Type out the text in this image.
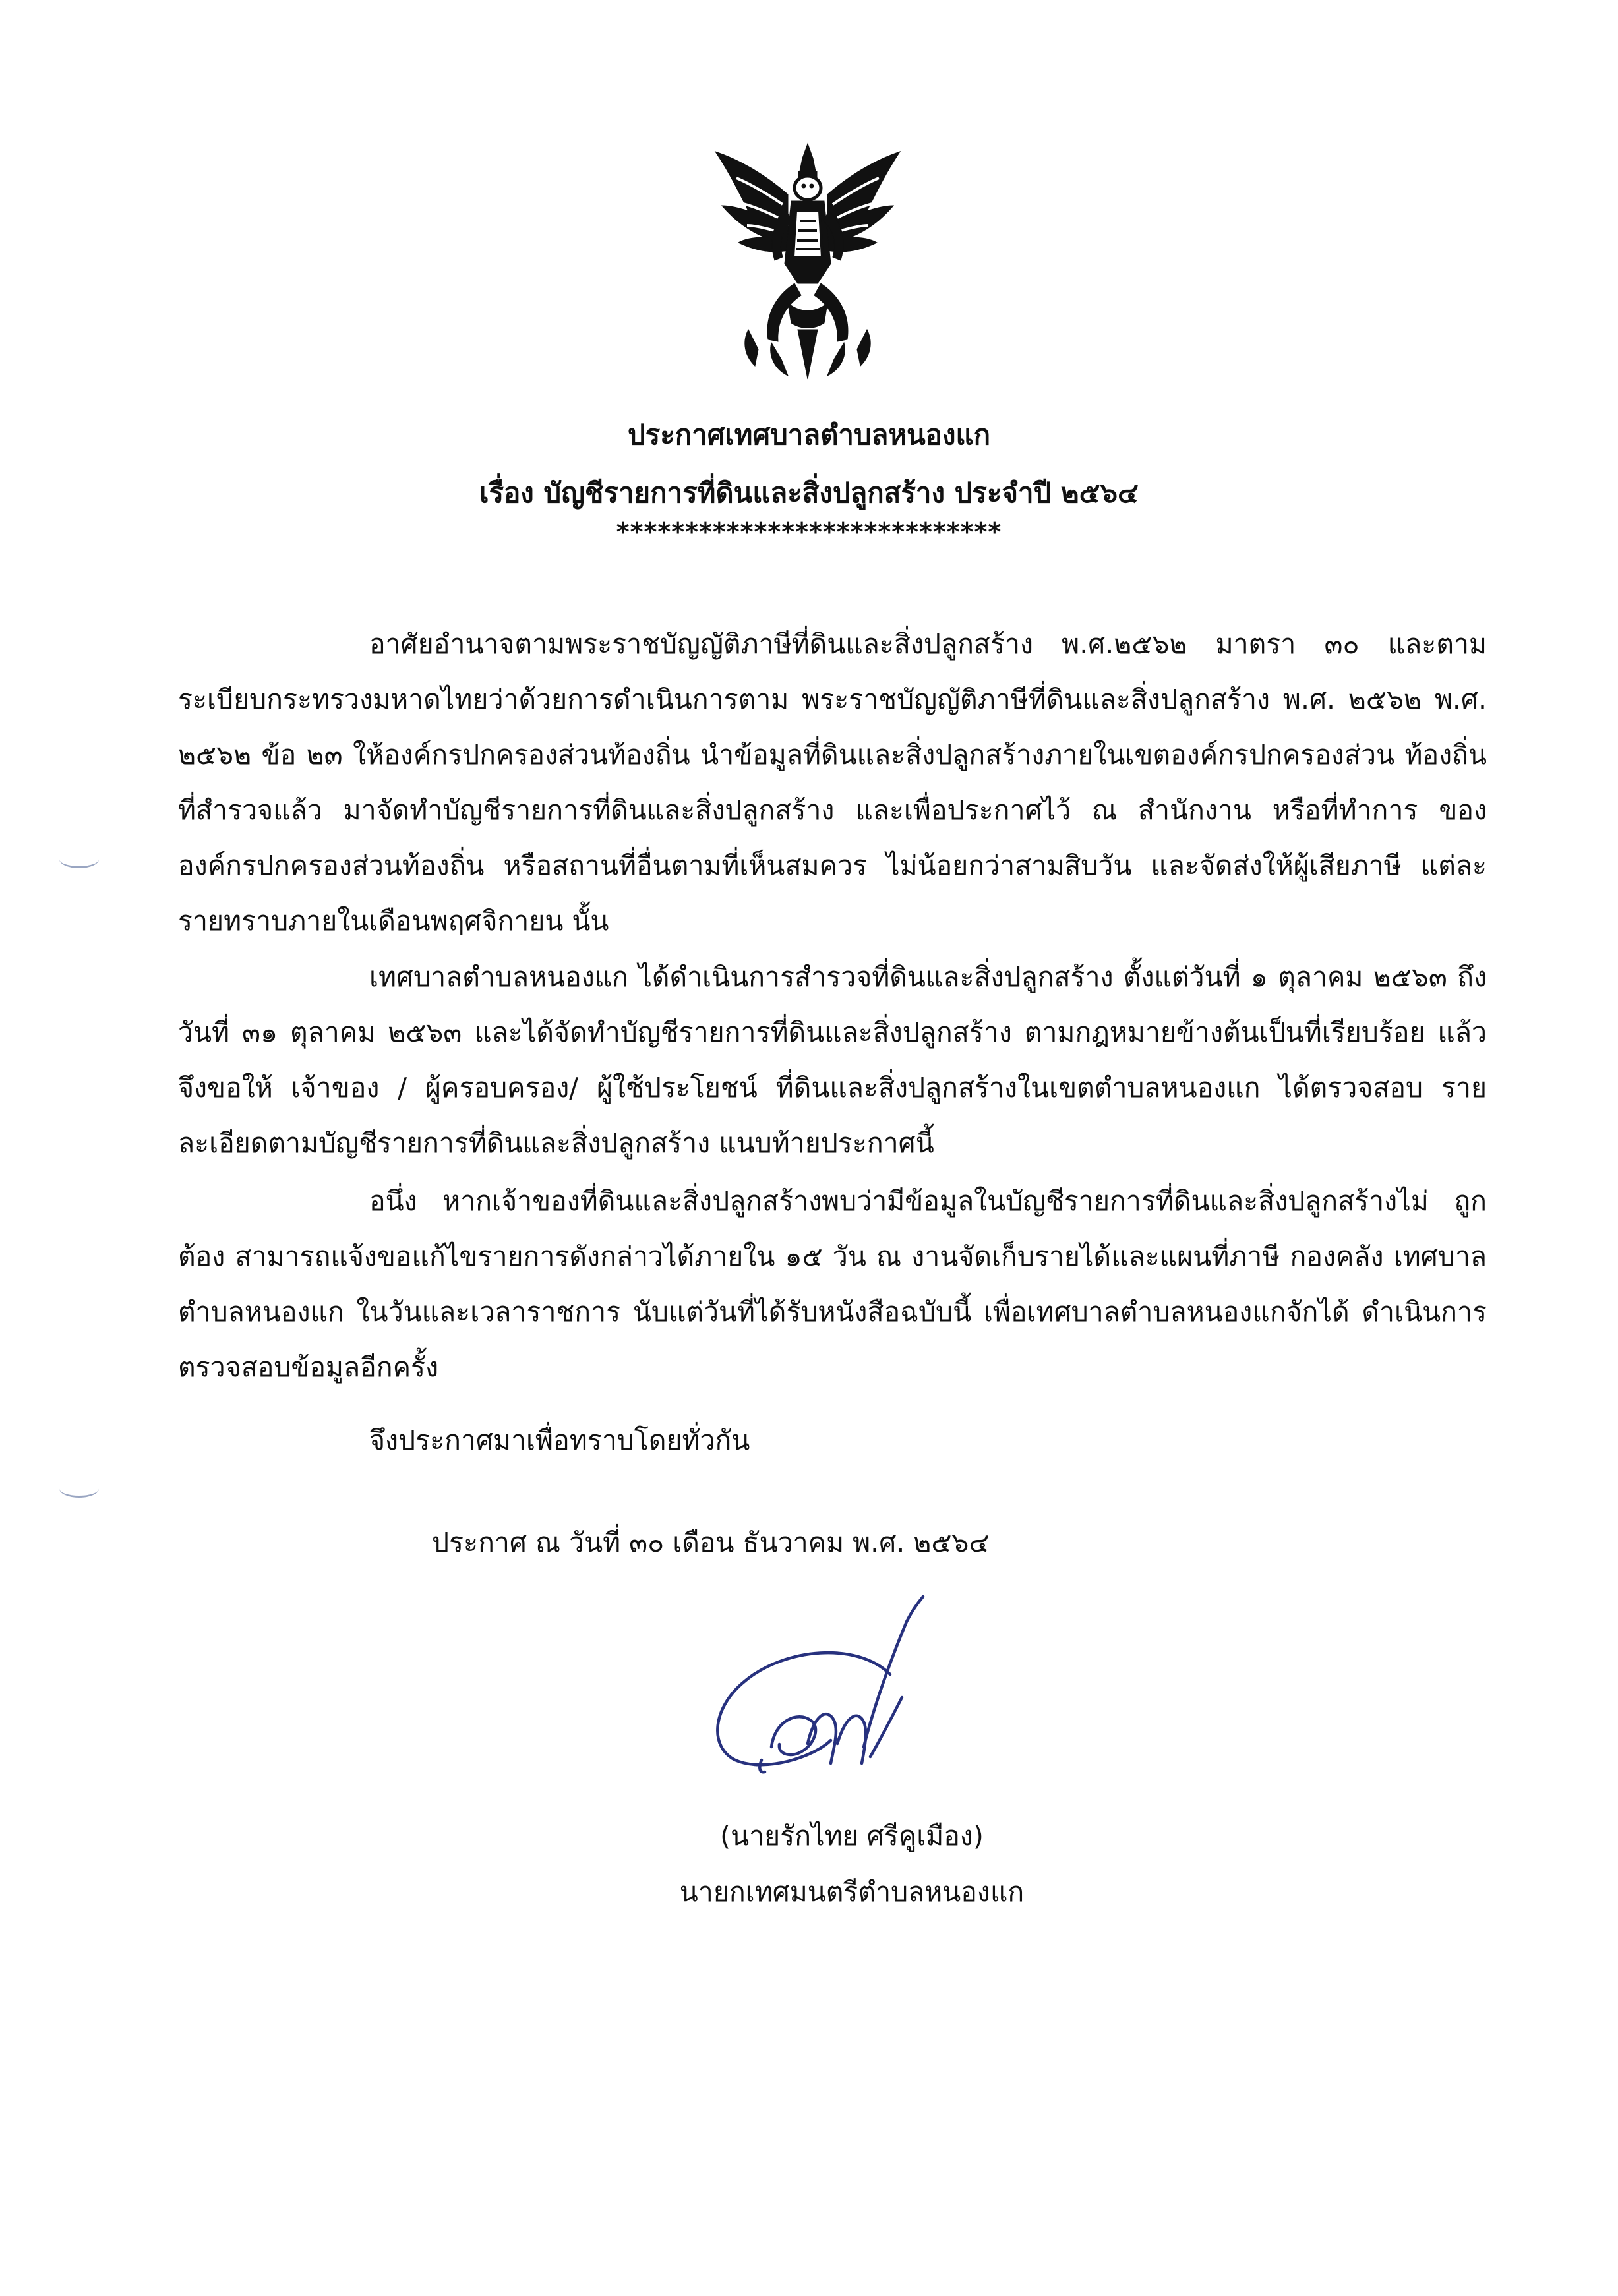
ประกาศเทศบาลตำบลหนองแก
เรื่อง บัญชีรายการที่ดินและสิ่งปลูกสร้าง ประจำปี ๒๕๖๔
****************************

อาศัยอำนาจตามพระราชบัญญัติภาษีที่ดินและสิ่งปลูกสร้าง พ.ศ.๒๕๖๒ มาตรา ๓๐ และตาม ระเบียบกระทรวงมหาดไทยว่าด้วยการดำเนินการตาม พระราชบัญญัติภาษีที่ดินและสิ่งปลูกสร้าง พ.ศ. ๒๕๖๒ พ.ศ. ๒๕๖๒ ข้อ ๒๓ ให้องค์กรปกครองส่วนท้องถิ่น นำข้อมูลที่ดินและสิ่งปลูกสร้างภายในเขตองค์กรปกครองส่วน ท้องถิ่นที่สำรวจแล้ว มาจัดทำบัญชีรายการที่ดินและสิ่งปลูกสร้าง และเพื่อประกาศไว้ ณ สำนักงาน หรือที่ทำการ ขององค์กรปกครองส่วนท้องถิ่น หรือสถานที่อื่นตามที่เห็นสมควร ไม่น้อยกว่าสามสิบวัน และจัดส่งให้ผู้เสียภาษี แต่ละรายทราบภายในเดือนพฤศจิกายน นั้น

เทศบาลตำบลหนองแก ได้ดำเนินการสำรวจที่ดินและสิ่งปลูกสร้าง ตั้งแต่วันที่ ๑ ตุลาคม ๒๕๖๓ ถึง วันที่ ๓๑ ตุลาคม ๒๕๖๓ และได้จัดทำบัญชีรายการที่ดินและสิ่งปลูกสร้าง ตามกฎหมายข้างต้นเป็นที่เรียบร้อย แล้ว จึงขอให้ เจ้าของ / ผู้ครอบครอง/ ผู้ใช้ประโยชน์ ที่ดินและสิ่งปลูกสร้างในเขตตำบลหนองแก ได้ตรวจสอบ รายละเอียดตามบัญชีรายการที่ดินและสิ่งปลูกสร้าง แนบท้ายประกาศนี้

อนึ่ง หากเจ้าของที่ดินและสิ่งปลูกสร้างพบว่ามีข้อมูลในบัญชีรายการที่ดินและสิ่งปลูกสร้างไม่ ถูกต้อง สามารถแจ้งขอแก้ไขรายการดังกล่าวได้ภายใน ๑๕ วัน ณ งานจัดเก็บรายได้และแผนที่ภาษี กองคลัง เทศบาลตำบลหนองแก ในวันและเวลาราชการ นับแต่วันที่ได้รับหนังสือฉบับนี้ เพื่อเทศบาลตำบลหนองแกจักได้ ดำเนินการตรวจสอบข้อมูลอีกครั้ง

จึงประกาศมาเพื่อทราบโดยทั่วกัน
ประกาศ ณ วันที่ ๓๐ เดือน ธันวาคม พ.ศ. ๒๕๖๔
(นายรักไทย ศรีคูเมือง)
นายกเทศมนตรีตำบลหนองแก
